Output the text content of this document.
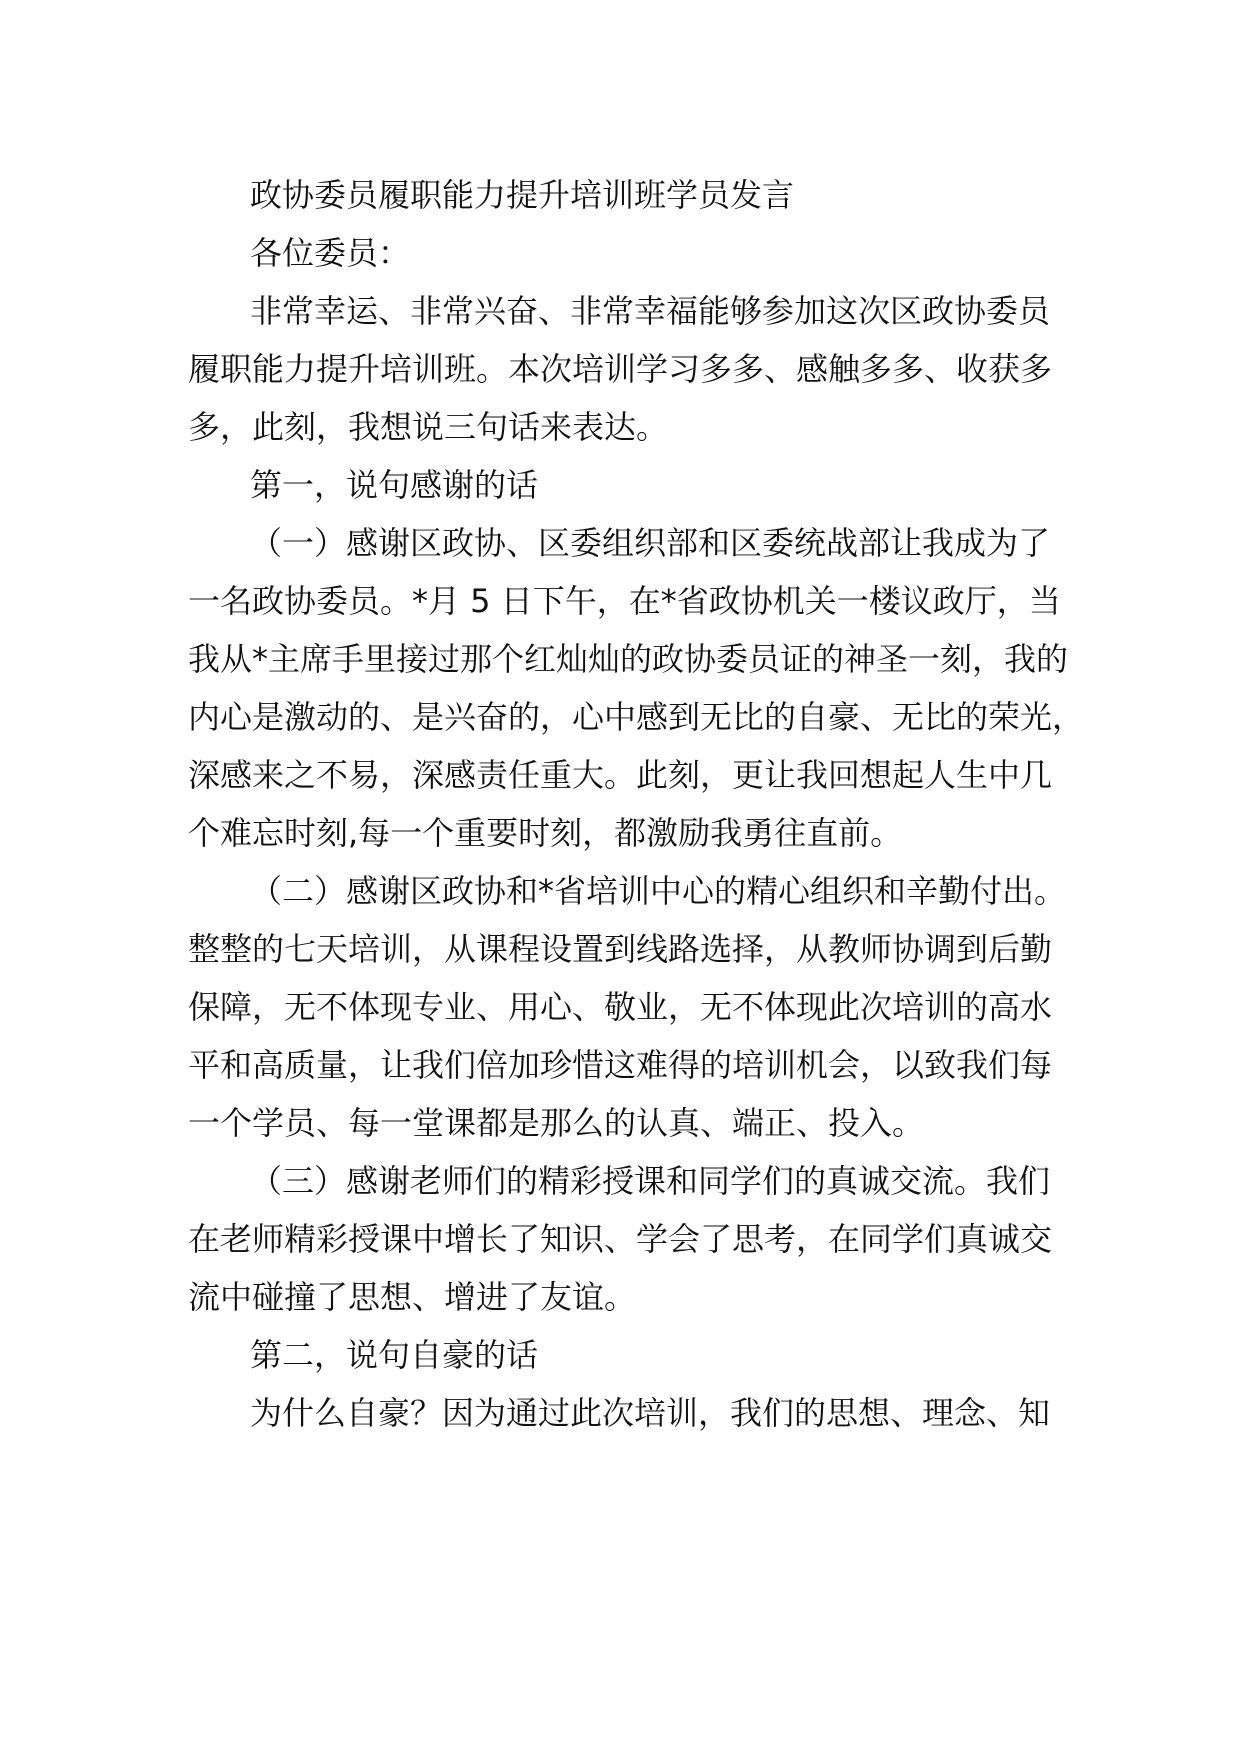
政协委员履职能力提升培训班学员发言
各位委员：
非常幸运、非常兴奋、非常幸福能够参加这次区政协委员
履职能力提升培训班。本次培训学习多多、感触多多、收获多
多，此刻，我想说三句话来表达。
第一，说句感谢的话
（一）感谢区政协、区委组织部和区委统战部让我成为了
一名政协委员。*月 5 日下午，在*省政协机关一楼议政厅，当
我从*主席手里接过那个红灿灿的政协委员证的神圣一刻，我的
内心是激动的、是兴奋的，心中感到无比的自豪、无比的荣光，
深感来之不易，深感责任重大。此刻，更让我回想起人生中几
个难忘时刻,每一个重要时刻，都激励我勇往直前。
（二）感谢区政协和*省培训中心的精心组织和辛勤付出。
整整的七天培训，从课程设置到线路选择，从教师协调到后勤
保障，无不体现专业、用心、敬业，无不体现此次培训的高水
平和高质量，让我们倍加珍惜这难得的培训机会，以致我们每
一个学员、每一堂课都是那么的认真、端正、投入。
（三）感谢老师们的精彩授课和同学们的真诚交流。我们
在老师精彩授课中增长了知识、学会了思考，在同学们真诚交
流中碰撞了思想、增进了友谊。
第二，说句自豪的话
为什么自豪？因为通过此次培训，我们的思想、理念、知
